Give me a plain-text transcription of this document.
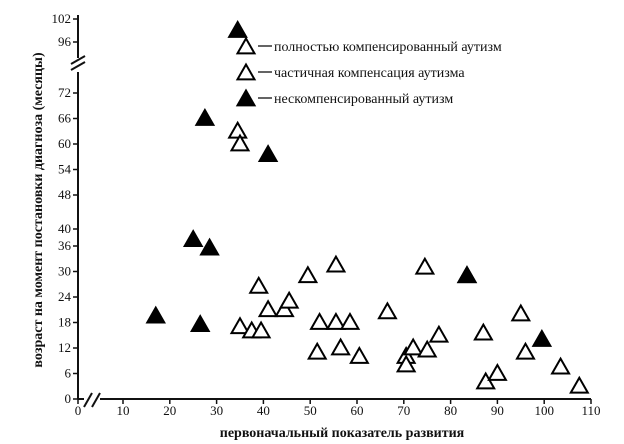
0	10	20	30	40	50	60	70	80	90 100 110
0
6
12
18
24
30
36
40
48
54
60
66
72
96
102
полностью компенсированный аутизм
частичная компенсация аутизма
нескомпенсированный аутизм
первоначальный показатель развития
возраст на момент постановки диагноза (месяцы)
